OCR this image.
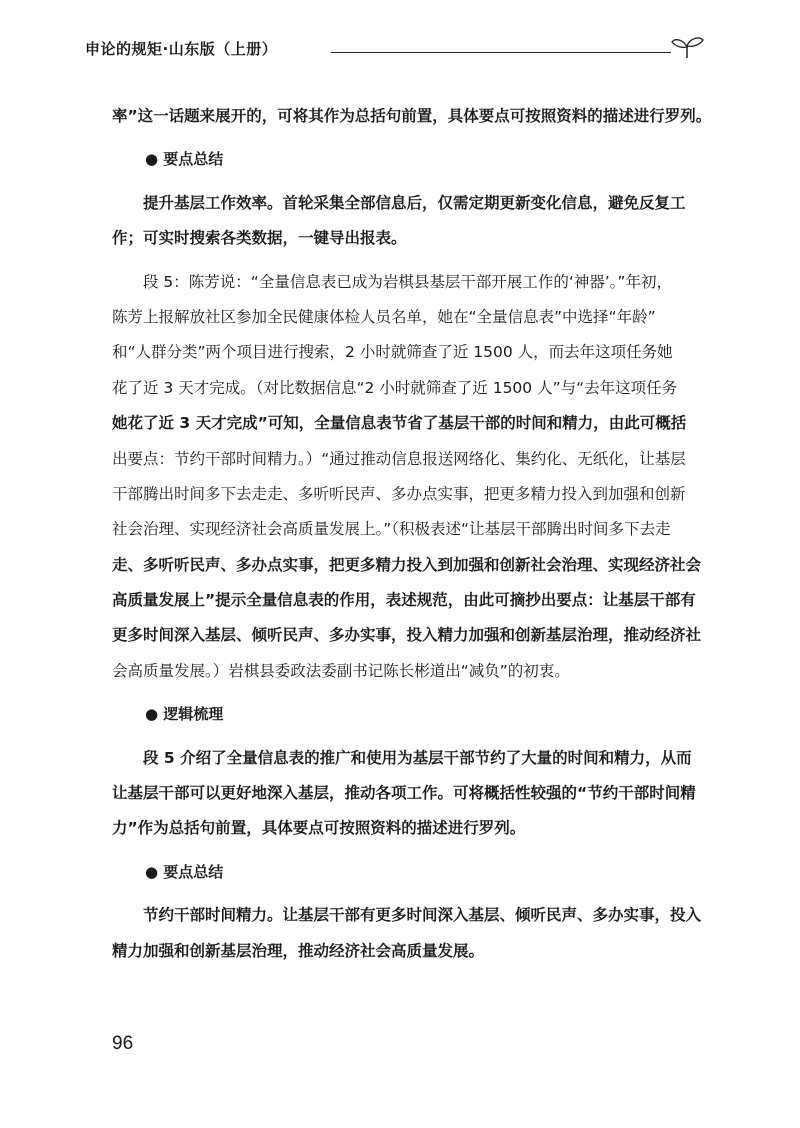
申论的规矩·山东版（上册）
率”这一话题来展开的，可将其作为总括句前置，具体要点可按照资料的描述进行罗列。
● 要点总结
提升基层工作效率。首轮采集全部信息后，仅需定期更新变化信息，避免反复工
作；可实时搜索各类数据，一键导出报表。
段 5：陈芳说：“全量信息表已成为岩棋县基层干部开展工作的‘神器’。”年初，
陈芳上报解放社区参加全民健康体检人员名单，她在“全量信息表”中选择“年龄”
和“人群分类”两个项目进行搜索，2 小时就筛查了近 1500 人，而去年这项任务她
花了近 3 天才完成。（对比数据信息“2 小时就筛查了近 1500 人”与“去年这项任务
她花了近 3 天才完成”可知，全量信息表节省了基层干部的时间和精力，由此可概括
出要点：节约干部时间精力。）“通过推动信息报送网络化、集约化、无纸化，让基层
干部腾出时间多下去走走、多听听民声、多办点实事，把更多精力投入到加强和创新
社会治理、实现经济社会高质量发展上。”（积极表述“让基层干部腾出时间多下去走
走、多听听民声、多办点实事，把更多精力投入到加强和创新社会治理、实现经济社会
高质量发展上”提示全量信息表的作用，表述规范，由此可摘抄出要点：让基层干部有
更多时间深入基层、倾听民声、多办实事，投入精力加强和创新基层治理，推动经济社
会高质量发展。）岩棋县委政法委副书记陈长彬道出“减负”的初衷。
● 逻辑梳理
段 5 介绍了全量信息表的推广和使用为基层干部节约了大量的时间和精力，从而
让基层干部可以更好地深入基层，推动各项工作。可将概括性较强的“节约干部时间精
力”作为总括句前置，具体要点可按照资料的描述进行罗列。
● 要点总结
节约干部时间精力。让基层干部有更多时间深入基层、倾听民声、多办实事，投入
精力加强和创新基层治理，推动经济社会高质量发展。
96
